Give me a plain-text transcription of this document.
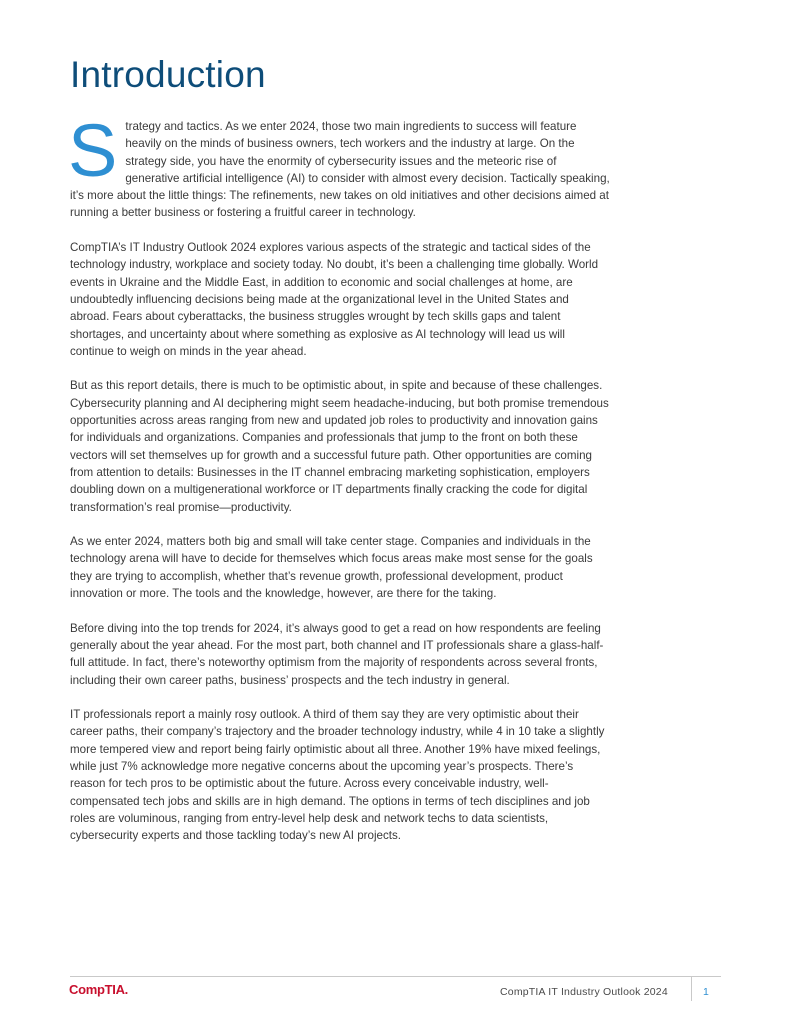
Introduction

Strategy and tactics. As we enter 2024, those two main ingredients to success will feature heavily on the minds of business owners, tech workers and the industry at large. On the strategy side, you have the enormity of cybersecurity issues and the meteoric rise of generative artificial intelligence (AI) to consider with almost every decision. Tactically speaking, it’s more about the little things: The refinements, new takes on old initiatives and other decisions aimed at running a better business or fostering a fruitful career in technology.

CompTIA’s IT Industry Outlook 2024 explores various aspects of the strategic and tactical sides of the technology industry, workplace and society today. No doubt, it’s been a challenging time globally. World events in Ukraine and the Middle East, in addition to economic and social challenges at home, are undoubtedly influencing decisions being made at the organizational level in the United States and abroad. Fears about cyberattacks, the business struggles wrought by tech skills gaps and talent shortages, and uncertainty about where something as explosive as AI technology will lead us will continue to weigh on minds in the year ahead.

But as this report details, there is much to be optimistic about, in spite and because of these challenges. Cybersecurity planning and AI deciphering might seem headache-inducing, but both promise tremendous opportunities across areas ranging from new and updated job roles to productivity and innovation gains for individuals and organizations. Companies and professionals that jump to the front on both these vectors will set themselves up for growth and a successful future path. Other opportunities are coming from attention to details: Businesses in the IT channel embracing marketing sophistication, employers doubling down on a multigenerational workforce or IT departments finally cracking the code for digital transformation’s real promise—productivity.

As we enter 2024, matters both big and small will take center stage. Companies and individuals in the technology arena will have to decide for themselves which focus areas make most sense for the goals they are trying to accomplish, whether that’s revenue growth, professional development, product innovation or more. The tools and the knowledge, however, are there for the taking.

Before diving into the top trends for 2024, it’s always good to get a read on how respondents are feeling generally about the year ahead. For the most part, both channel and IT professionals share a glass-half-full attitude. In fact, there’s noteworthy optimism from the majority of respondents across several fronts, including their own career paths, business’ prospects and the tech industry in general.

IT professionals report a mainly rosy outlook. A third of them say they are very optimistic about their career paths, their company’s trajectory and the broader technology industry, while 4 in 10 take a slightly more tempered view and report being fairly optimistic about all three. Another 19% have mixed feelings, while just 7% acknowledge more negative concerns about the upcoming year’s prospects. There’s reason for tech pros to be optimistic about the future. Across every conceivable industry, well-compensated tech jobs and skills are in high demand. The options in terms of tech disciplines and job roles are voluminous, ranging from entry-level help desk and network techs to data scientists, cybersecurity experts and those tackling today’s new AI projects.

CompTIA.	CompTIA IT Industry Outlook 2024	1
